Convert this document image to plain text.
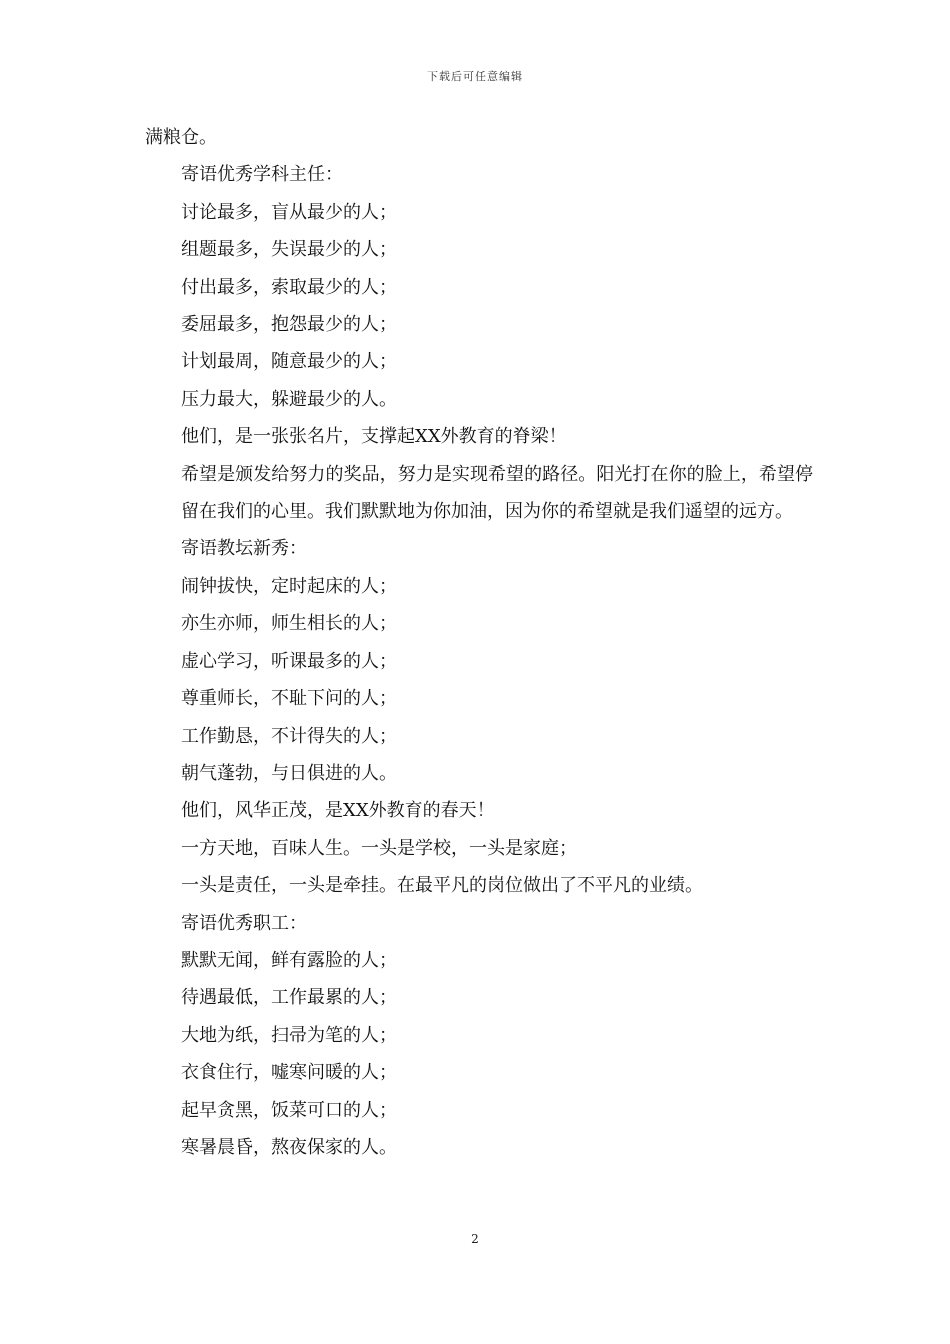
下载后可任意编辑

满粮仓。

寄语优秀学科主任：

讨论最多，盲从最少的人；

组题最多，失误最少的人；

付出最多，索取最少的人；

委屈最多，抱怨最少的人；

计划最周，随意最少的人；

压力最大，躲避最少的人。

他们，是一张张名片，支撑起XX外教育的脊梁！

希望是颁发给努力的奖品，努力是实现希望的路径。阳光打在你的脸上，希望停留在我们的心里。我们默默地为你加油，因为你的希望就是我们遥望的远方。

寄语教坛新秀：

闹钟拔快，定时起床的人；

亦生亦师，师生相长的人；

虚心学习，听课最多的人；

尊重师长，不耻下问的人；

工作勤恳，不计得失的人；

朝气蓬勃，与日俱进的人。

他们，风华正茂，是XX外教育的春天！

一方天地，百味人生。一头是学校，一头是家庭；

一头是责任，一头是牵挂。在最平凡的岗位做出了不平凡的业绩。

寄语优秀职工：

默默无闻，鲜有露脸的人；

待遇最低，工作最累的人；

大地为纸，扫帚为笔的人；

衣食住行，嘘寒问暖的人；

起早贪黑，饭菜可口的人；

寒暑晨昏，熬夜保家的人。

2
